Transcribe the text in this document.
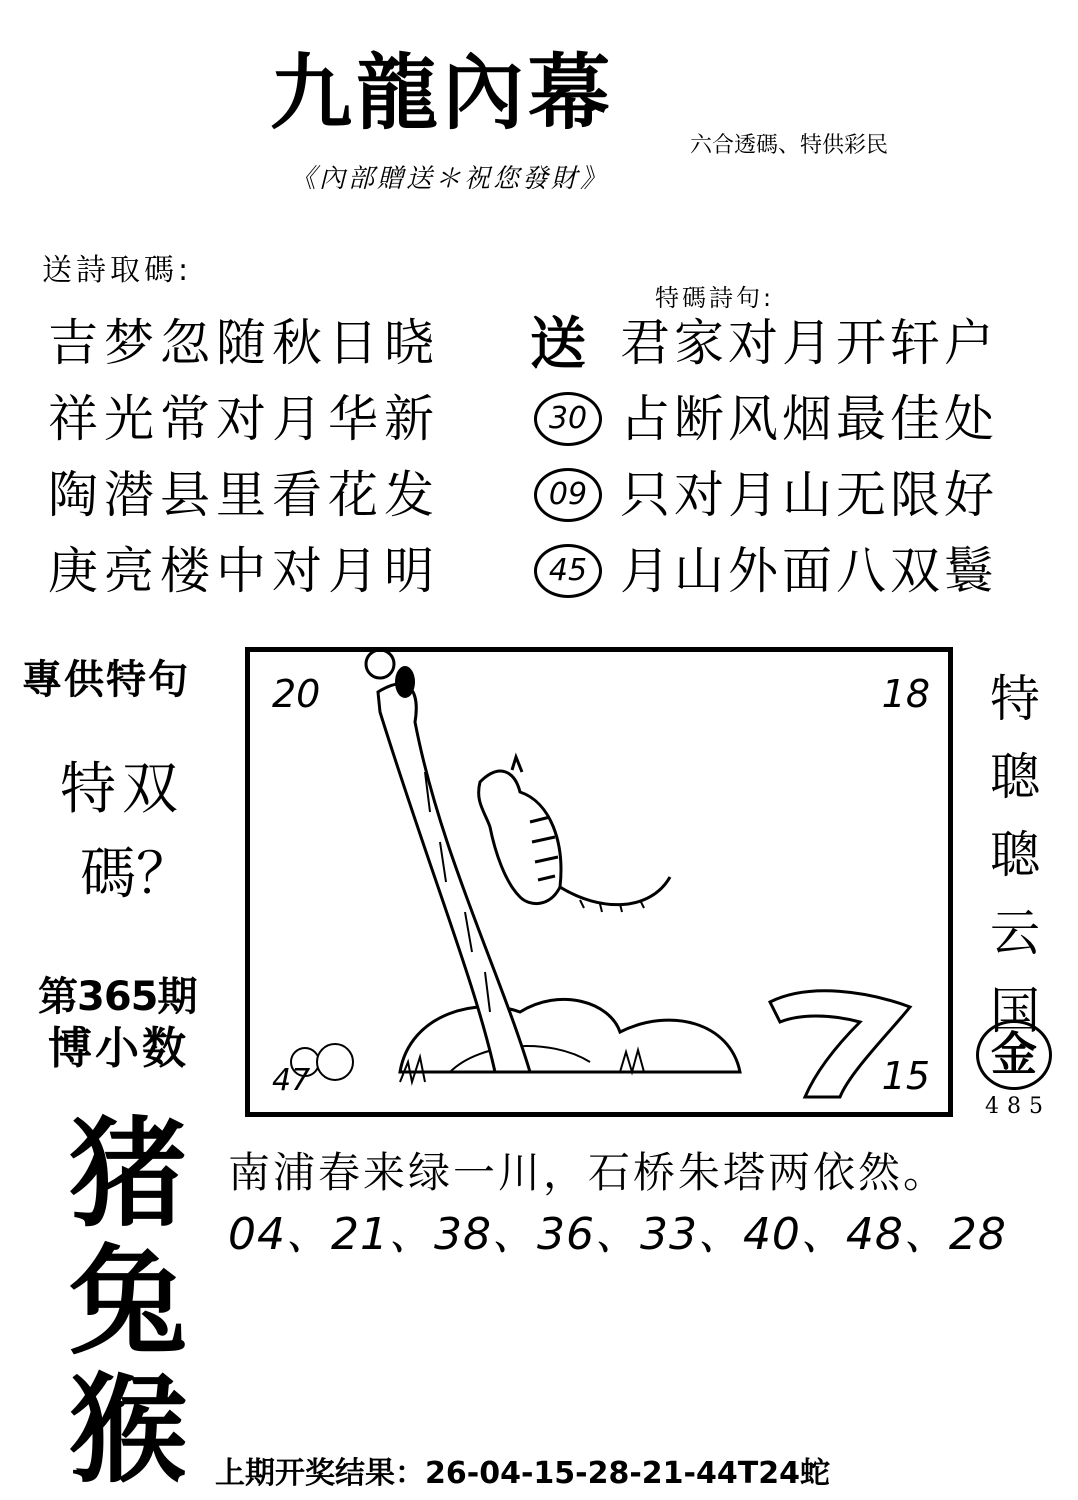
九龍內幕
六合透碼、特供彩民
《內部贈送＊祝您發財》
送詩取碼:
吉梦忽随秋日晓
祥光常对月华新
陶潜县里看花发
庚亮楼中对月明
特碼詩句:
送
30
09
45
君家对月开轩户
占断风烟最佳处
只对月山无限好
月山外面八双鬟
專供特句
特双
碼？
第365期
博小数
猪
兔
猴
20	18
47	15
特
聰
聰
云
国
金
485
南浦春来绿一川，石桥朱塔两依然。
04、21、38、36、33、40、48、28
上期开奖结果：26-04-15-28-21-44T24蛇
